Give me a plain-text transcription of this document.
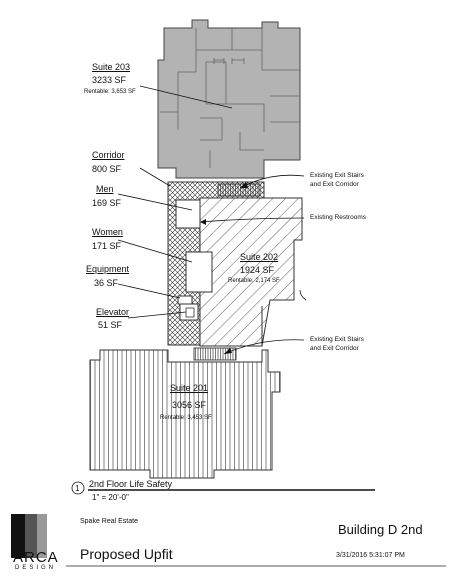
Suite 203
3233 SF
Rentable: 3,653 SF
Corridor
800 SF
Men
169 SF
Women
171 SF
Equipment
36 SF
Elevator
51 SF
Suite 202
1924 SF
Rentable: 2,174 SF
Suite 201
3056 SF
Rentable: 3,453 SF
Existing Exit Stairs
and Exit Corridor
Existing Restrooms
Existing Exit Stairs
and Exit Corridor
1 2nd Floor Life Safety
1" = 20'-0"
ARCA
DESIGN
Spake Real Estate
Proposed Upfit
Building D 2nd
3/31/2016 5:31:07 PM
